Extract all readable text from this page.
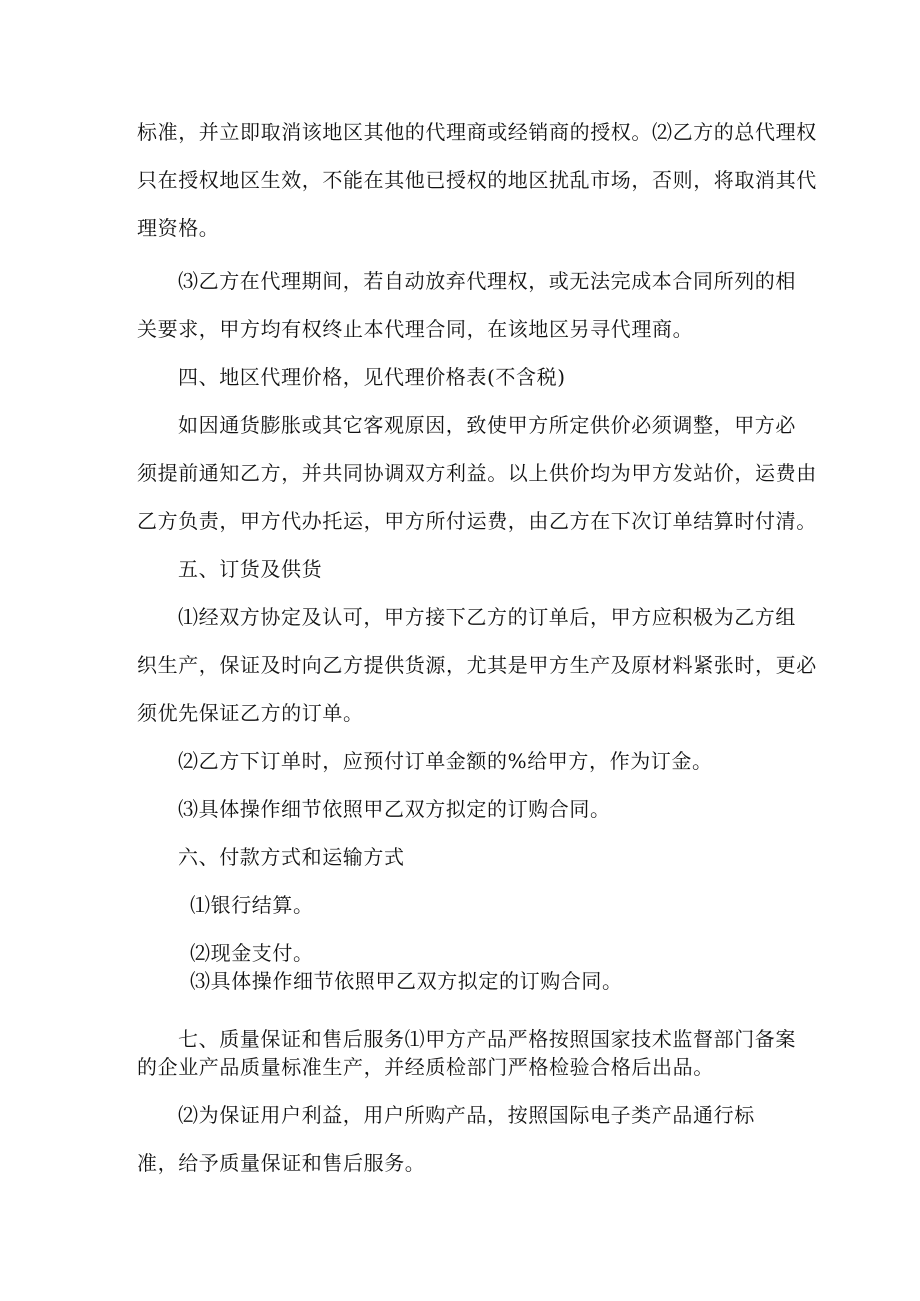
标准，并立即取消该地区其他的代理商或经销商的授权。⑵乙方的总代理权
只在授权地区生效，不能在其他已授权的地区扰乱市场，否则，将取消其代
理资格。
⑶乙方在代理期间，若自动放弃代理权，或无法完成本合同所列的相
关要求，甲方均有权终止本代理合同，在该地区另寻代理商。
四、地区代理价格，见代理价格表(不含税)
如因通货膨胀或其它客观原因，致使甲方所定供价必须调整，甲方必
须提前通知乙方，并共同协调双方利益。以上供价均为甲方发站价，运费由
乙方负责，甲方代办托运，甲方所付运费，由乙方在下次订单结算时付清。
五、订货及供货
⑴经双方协定及认可，甲方接下乙方的订单后，甲方应积极为乙方组
织生产，保证及时向乙方提供货源，尤其是甲方生产及原材料紧张时，更必
须优先保证乙方的订单。
⑵乙方下订单时，应预付订单金额的%给甲方，作为订金。
⑶具体操作细节依照甲乙双方拟定的订购合同。
六、付款方式和运输方式
⑴银行结算。
⑵现金支付。
⑶具体操作细节依照甲乙双方拟定的订购合同。
七、质量保证和售后服务⑴甲方产品严格按照国家技术监督部门备案
的企业产品质量标准生产，并经质检部门严格检验合格后出品。
⑵为保证用户利益，用户所购产品，按照国际电子类产品通行标
准，给予质量保证和售后服务。
